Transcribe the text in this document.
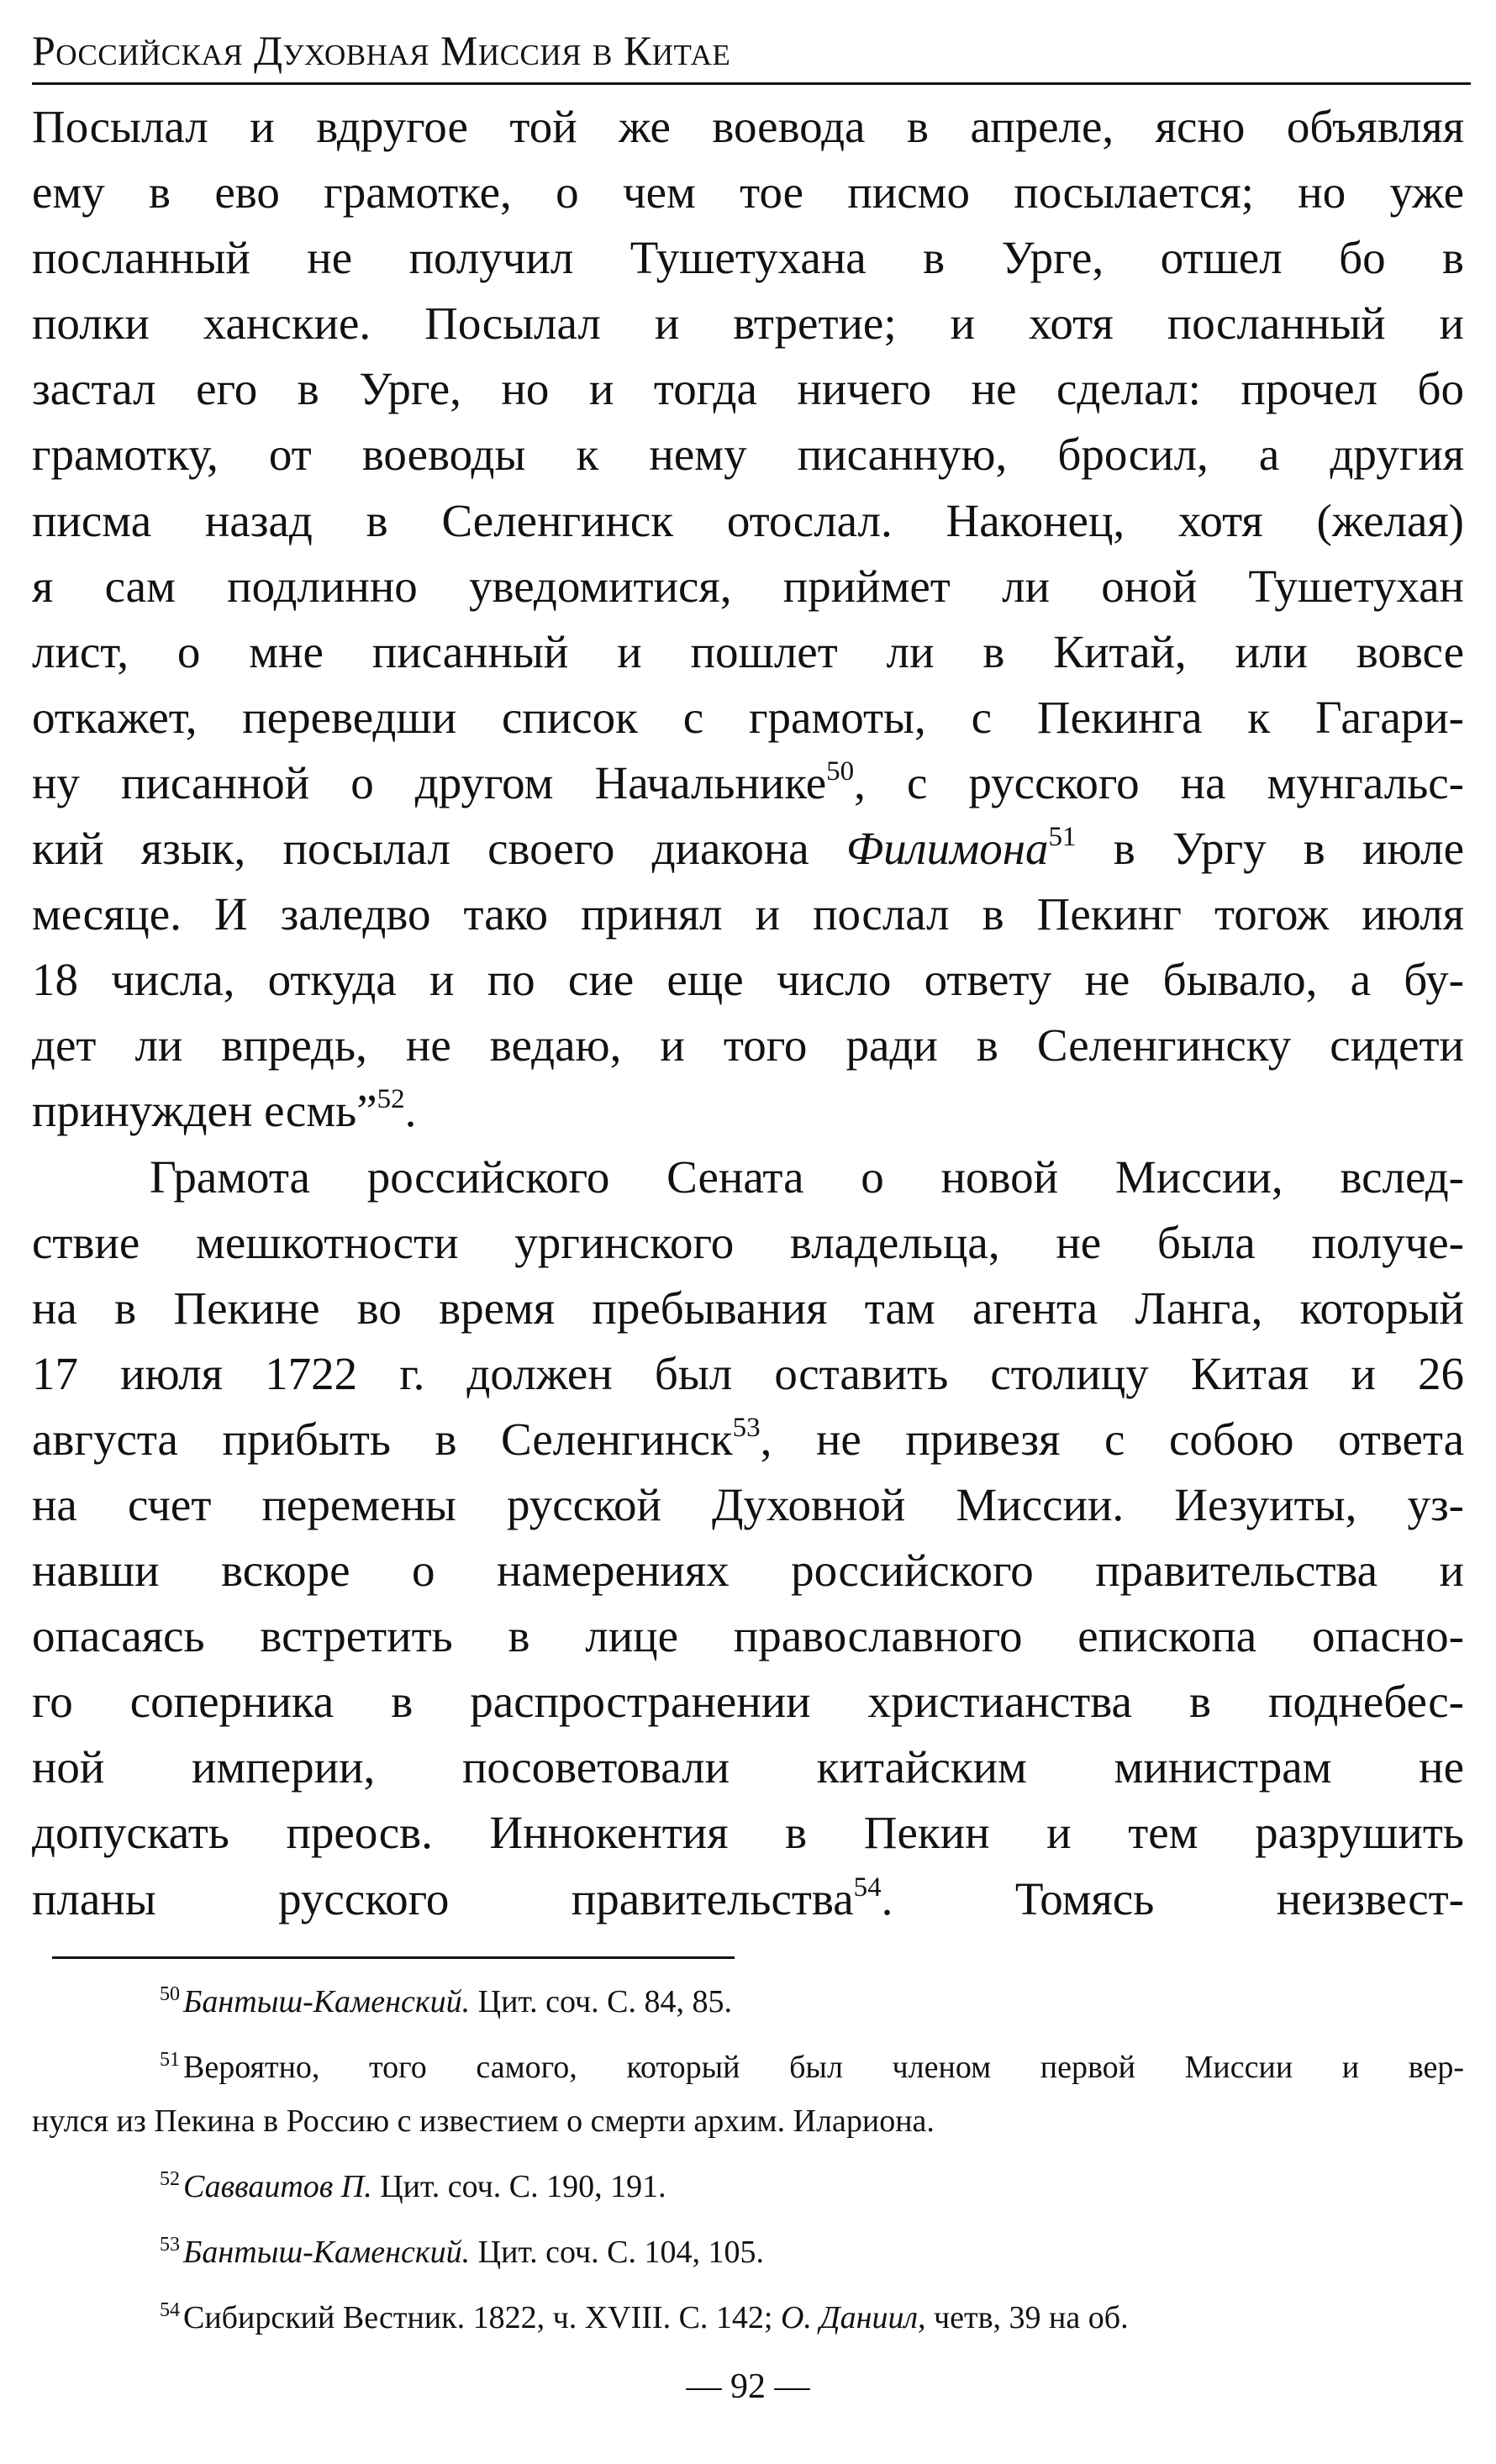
Российская Духовная Миссия в Китае
Посылал и вдругое той же воевода в апреле, ясно объявляя
ему в ево грамотке, о чем тое писмо посылается; но уже
посланный не получил Тушетухана в Урге, отшел бо в
полки ханские. Посылал и втретие; и хотя посланный и
застал его в Урге, но и тогда ничего не сделал: прочел бо
грамотку, от воеводы к нему писанную, бросил, а другия
писма назад в Селенгинск отослал. Наконец, хотя (желая)
я сам подлинно уведомитися, приймет ли оной Тушетухан
лист, о мне писанный и пошлет ли в Китай, или вовсе
откажет, переведши список с грамоты, с Пекинга к Гагари-
ну писанной о другом Начальнике$^{50}$, с русского на мунгальс-
кий язык, посылал своего диакона Филимона$^{51}$ в Ургу в июле
месяце. И заледво тако принял и послал в Пекинг тогож июля
18 числа, откуда и по сие еще число ответу не бывало, а бу-
дет ли впредь, не ведаю, и того ради в Селенгинску сидети
принужден есмь”$^{52}$.
Грамота российского Сената о новой Миссии, вслед-
ствие мешкотности ургинского владельца, не была получе-
на в Пекине во время пребывания там агента Ланга, который
17 июля 1722 г. должен был оставить столицу Китая и 26
августа прибыть в Селенгинск$^{53}$, не привезя с собою ответа
на счет перемены русской Духовной Миссии. Иезуиты, уз-
навши вскоре о намерениях российского правительства и
опасаясь встретить в лице православного епископа опасно-
го соперника в распространении христианства в поднебес-
ной империи, посоветовали китайским министрам не
допускать преосв. Иннокентия в Пекин и тем разрушить
планы русского правительства$^{54}$. Томясь неизвест-
$^{50}$ Бантыш-Каменский. Цит. соч. С. 84, 85.
$^{51}$ Вероятно, того самого, который был членом первой Миссии и вер-
нулся из Пекина в Россию с известием о смерти архим. Илариона.
$^{52}$ Савваитов П. Цит. соч. С. 190, 191.
$^{53}$ Бантыш-Каменский. Цит. соч. С. 104, 105.
$^{54}$ Сибирский Вестник. 1822, ч. XVIII. С. 142; О. Даниил, четв, 39 на об.
— 92 —
